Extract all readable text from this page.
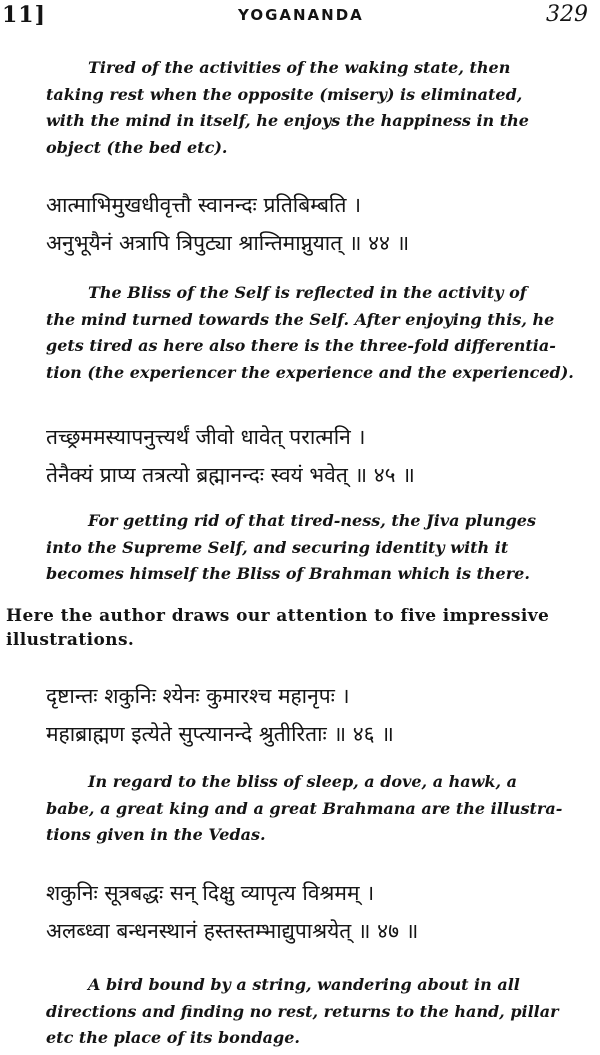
11]	YOGANANDA	329

Tired of the activities of the waking state, then
taking rest when the opposite (misery) is eliminated,
with the mind in itself, he enjoys the happiness in the
object (the bed etc).

आत्माभिमुखधीवृत्तौ स्वानन्दः प्रतिबिम्बति ।

अनुभूयैनं अत्रापि त्रिपुट्या श्रान्तिमाप्नुयात् ॥ ४४ ॥

The Bliss of the Self is reflected in the activity of
the mind turned towards the Self. After enjoying this, he
gets tired as here also there is the three-fold differentia-
tion (the experiencer the experience and the experienced).

तच्छ्रममस्यापनुत्त्यर्थं जीवो धावेत् परात्मनि ।

तेनैक्यं प्राप्य तत्रत्यो ब्रह्मानन्दः स्वयं भवेत् ॥ ४५ ॥

For getting rid of that tired-ness, the Jiva plunges
into the Supreme Self, and securing identity with it
becomes himself the Bliss of Brahman which is there.

Here the author draws our attention to five impressive

illustrations.

दृष्टान्तः शकुनिः श्येनः कुमारश्च महानृपः ।

महाब्राह्मण इत्येते सुप्त्यानन्दे श्रुतीरिताः ॥ ४६ ॥

In regard to the bliss of sleep, a dove, a hawk, a
babe, a great king and a great Brahmana are the illustra-
tions given in the Vedas.

शकुनिः सूत्रबद्धः सन् दिक्षु व्यापृत्य विश्रमम् ।

अलब्ध्वा बन्धनस्थानं हस्तस्तम्भाद्युपाश्रयेत् ॥ ४७ ॥

A bird bound by a string, wandering about in all
directions and finding no rest, returns to the hand, pillar
etc the place of its bondage.
